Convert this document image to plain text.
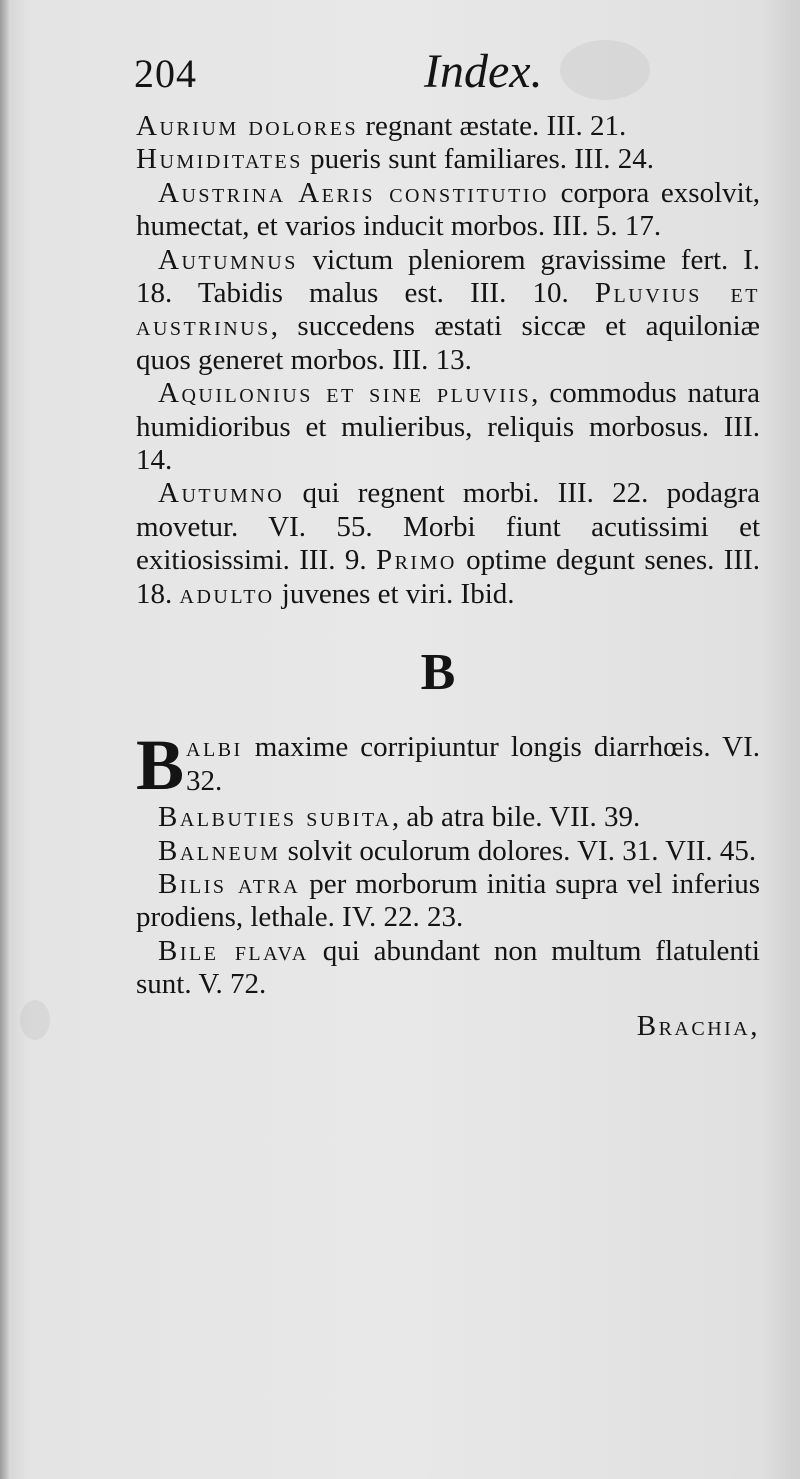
204	Index.

Aurium dolores regnant æstate. III. 21.

Humiditates pueris sunt familiares. III. 24.

Austrina Aeris constitutio corpora exsolvit, humectat, et varios inducit morbos. III. 5. 17.

Autumnus victum pleniorem gravissime fert. I. 18. Tabidis malus est. III. 10. Pluvius et austrinus, succedens æstati siccæ et aquiloniæ quos generet morbos. III. 13.

Aquilonius et sine pluviis, commodus natura humidioribus et mulieribus, reliquis morbosus. III. 14.

Autumno qui regnent morbi. III. 22. podagra movetur. VI. 55. Morbi fiunt acutissimi et exitiosissimi. III. 9. Primo optime degunt senes. III. 18. adulto juvenes et viri. Ibid.

B

Balbi maxime corripiuntur longis diarrhœis. VI. 32.

Balbuties subita, ab atra bile. VII. 39.

Balneum solvit oculorum dolores. VI. 31. VII. 45.

Bilis atra per morborum initia supra vel inferius prodiens, lethale. IV. 22. 23.

Bile flava qui abundant non multum flatulenti sunt. V. 72.

Brachia,
